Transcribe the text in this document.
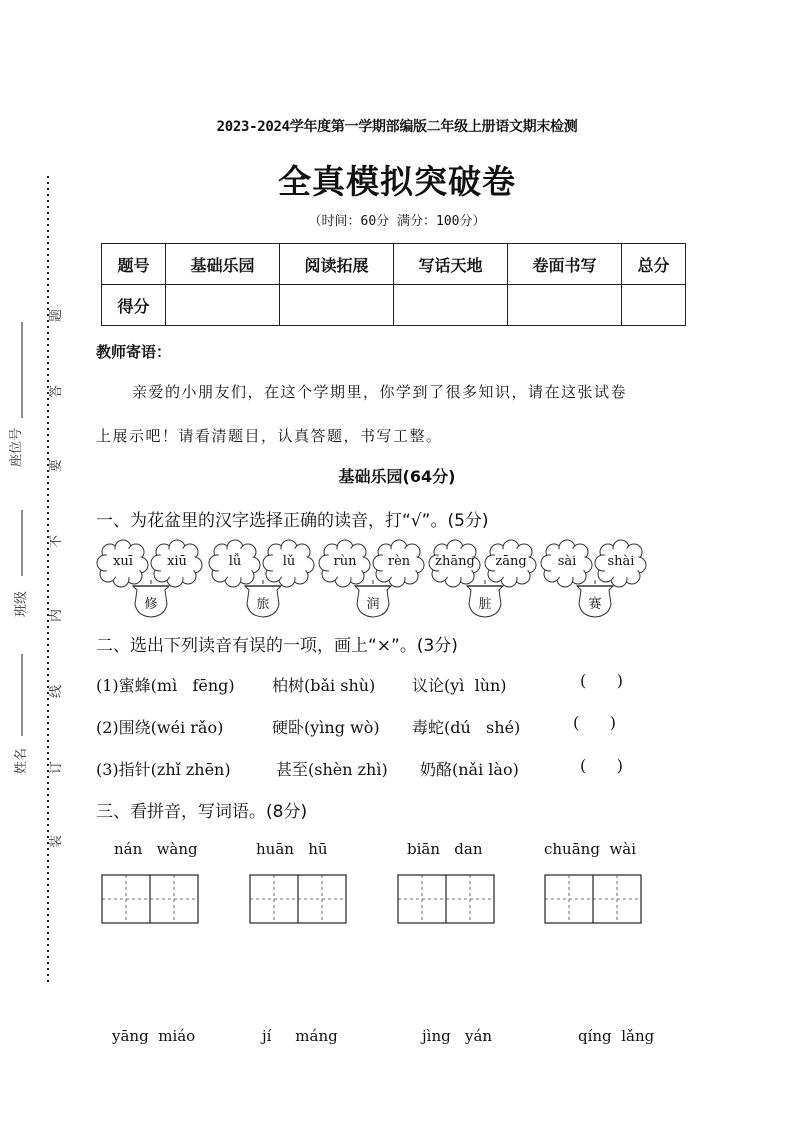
座位号
班级
姓名
题
答
要
不
内
线
订
装
2023-2024学年度第一学期部编版二年级上册语文期末检测
全真模拟突破卷
（时间：60分 满分：100分）
题号	基础乐园	阅读拓展	写话天地	卷面书写	总分
得分					
教师寄语：
亲爱的小朋友们，在这个学期里，你学到了很多知识，请在这张试卷
上展示吧！请看清题目，认真答题，书写工整。
基础乐园(64分)
一、为花盆里的汉字选择正确的读音，打“√”。(5分)
xuī	xiū	lǚ	lǔ	rùn	rèn	zhāng	zāng	sài	shài
修	旅	润	脏	赛
二、选出下列读音有误的一项，画上“×”。(3分)
(1)蜜蜂(mì   fēng) 柏树(bǎi shù) 议论(yì  lùn)	(      )
(2)围绕(wéi rǎo)	硬卧(yìng wò) 毒蛇(dú   shé)	(      )
(3)指针(zhǐ zhēn)	甚至(shèn zhì) 奶酪(nǎi lào)	(      )
三、看拼音，写词语。(8分)
nán   wàng	huān   hū	biān   dan	chuāng  wài
yāng  miáo	jí     máng	jìng   yán	qíng  lǎng
